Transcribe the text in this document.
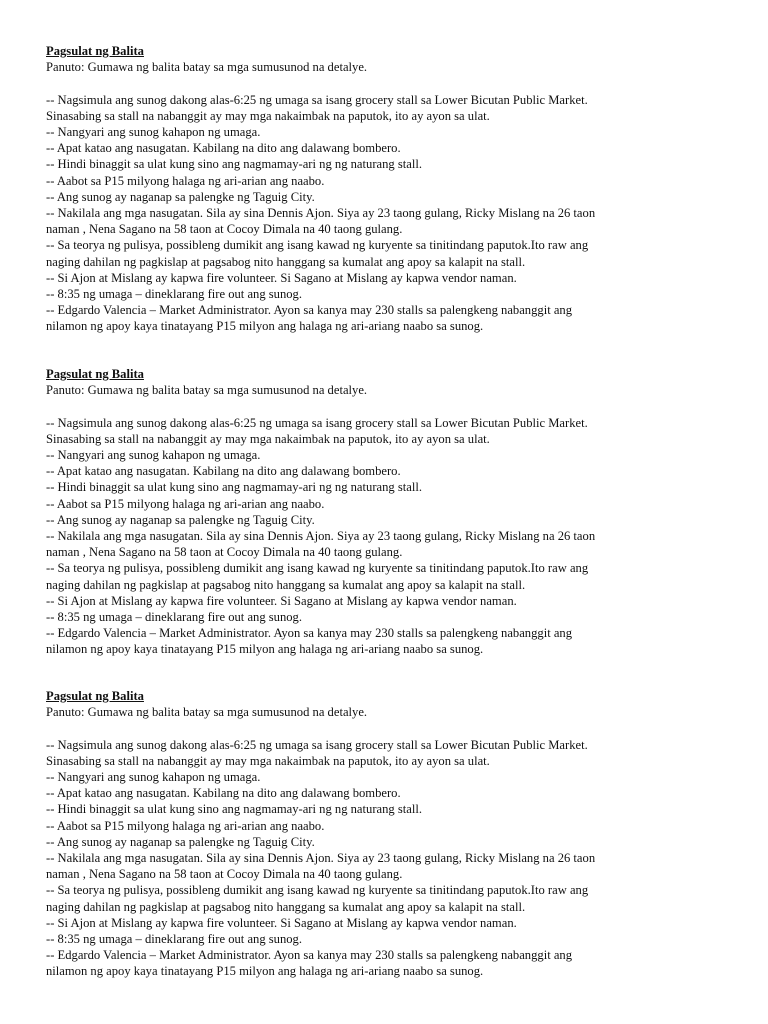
Pagsulat ng Balita
Panuto: Gumawa ng balita batay sa mga sumusunod na detalye.
-- Nagsimula ang sunog dakong alas-6:25 ng umaga sa isang grocery stall sa Lower Bicutan Public Market.
Sinasabing sa stall na nabanggit ay may mga nakaimbak na paputok, ito ay ayon sa ulat.
-- Nangyari ang sunog kahapon ng umaga.
-- Apat katao ang nasugatan. Kabilang na dito ang dalawang bombero.
-- Hindi binaggit sa ulat kung sino ang nagmamay-ari ng ng naturang stall.
-- Aabot sa P15 milyong halaga ng ari-arian ang naabo.
-- Ang sunog ay naganap sa palengke ng Taguig City.
-- Nakilala ang mga nasugatan. Sila ay sina Dennis Ajon. Siya ay 23 taong gulang, Ricky Mislang na 26 taon
naman , Nena Sagano na 58 taon at Cocoy Dimala na 40 taong gulang.
-- Sa teorya ng pulisya, possibleng dumikit ang isang kawad ng kuryente sa tinitindang paputok.Ito raw ang
naging dahilan ng pagkislap at pagsabog nito hanggang sa kumalat ang apoy sa kalapit na stall.
-- Si Ajon at Mislang ay kapwa fire volunteer. Si Sagano at Mislang ay kapwa vendor naman.
-- 8:35 ng umaga – dineklarang fire out ang sunog.
-- Edgardo Valencia – Market Administrator. Ayon sa kanya may 230 stalls sa palengkeng nabanggit ang
nilamon ng apoy kaya tinatayang P15 milyon ang halaga ng ari-ariang naabo sa sunog.
Pagsulat ng Balita
Panuto: Gumawa ng balita batay sa mga sumusunod na detalye.
-- Nagsimula ang sunog dakong alas-6:25 ng umaga sa isang grocery stall sa Lower Bicutan Public Market.
Sinasabing sa stall na nabanggit ay may mga nakaimbak na paputok, ito ay ayon sa ulat.
-- Nangyari ang sunog kahapon ng umaga.
-- Apat katao ang nasugatan. Kabilang na dito ang dalawang bombero.
-- Hindi binaggit sa ulat kung sino ang nagmamay-ari ng ng naturang stall.
-- Aabot sa P15 milyong halaga ng ari-arian ang naabo.
-- Ang sunog ay naganap sa palengke ng Taguig City.
-- Nakilala ang mga nasugatan. Sila ay sina Dennis Ajon. Siya ay 23 taong gulang, Ricky Mislang na 26 taon
naman , Nena Sagano na 58 taon at Cocoy Dimala na 40 taong gulang.
-- Sa teorya ng pulisya, possibleng dumikit ang isang kawad ng kuryente sa tinitindang paputok.Ito raw ang
naging dahilan ng pagkislap at pagsabog nito hanggang sa kumalat ang apoy sa kalapit na stall.
-- Si Ajon at Mislang ay kapwa fire volunteer. Si Sagano at Mislang ay kapwa vendor naman.
-- 8:35 ng umaga – dineklarang fire out ang sunog.
-- Edgardo Valencia – Market Administrator. Ayon sa kanya may 230 stalls sa palengkeng nabanggit ang
nilamon ng apoy kaya tinatayang P15 milyon ang halaga ng ari-ariang naabo sa sunog.
Pagsulat ng Balita
Panuto: Gumawa ng balita batay sa mga sumusunod na detalye.
-- Nagsimula ang sunog dakong alas-6:25 ng umaga sa isang grocery stall sa Lower Bicutan Public Market.
Sinasabing sa stall na nabanggit ay may mga nakaimbak na paputok, ito ay ayon sa ulat.
-- Nangyari ang sunog kahapon ng umaga.
-- Apat katao ang nasugatan. Kabilang na dito ang dalawang bombero.
-- Hindi binaggit sa ulat kung sino ang nagmamay-ari ng ng naturang stall.
-- Aabot sa P15 milyong halaga ng ari-arian ang naabo.
-- Ang sunog ay naganap sa palengke ng Taguig City.
-- Nakilala ang mga nasugatan. Sila ay sina Dennis Ajon. Siya ay 23 taong gulang, Ricky Mislang na 26 taon
naman , Nena Sagano na 58 taon at Cocoy Dimala na 40 taong gulang.
-- Sa teorya ng pulisya, possibleng dumikit ang isang kawad ng kuryente sa tinitindang paputok.Ito raw ang
naging dahilan ng pagkislap at pagsabog nito hanggang sa kumalat ang apoy sa kalapit na stall.
-- Si Ajon at Mislang ay kapwa fire volunteer. Si Sagano at Mislang ay kapwa vendor naman.
-- 8:35 ng umaga – dineklarang fire out ang sunog.
-- Edgardo Valencia – Market Administrator. Ayon sa kanya may 230 stalls sa palengkeng nabanggit ang
nilamon ng apoy kaya tinatayang P15 milyon ang halaga ng ari-ariang naabo sa sunog.
